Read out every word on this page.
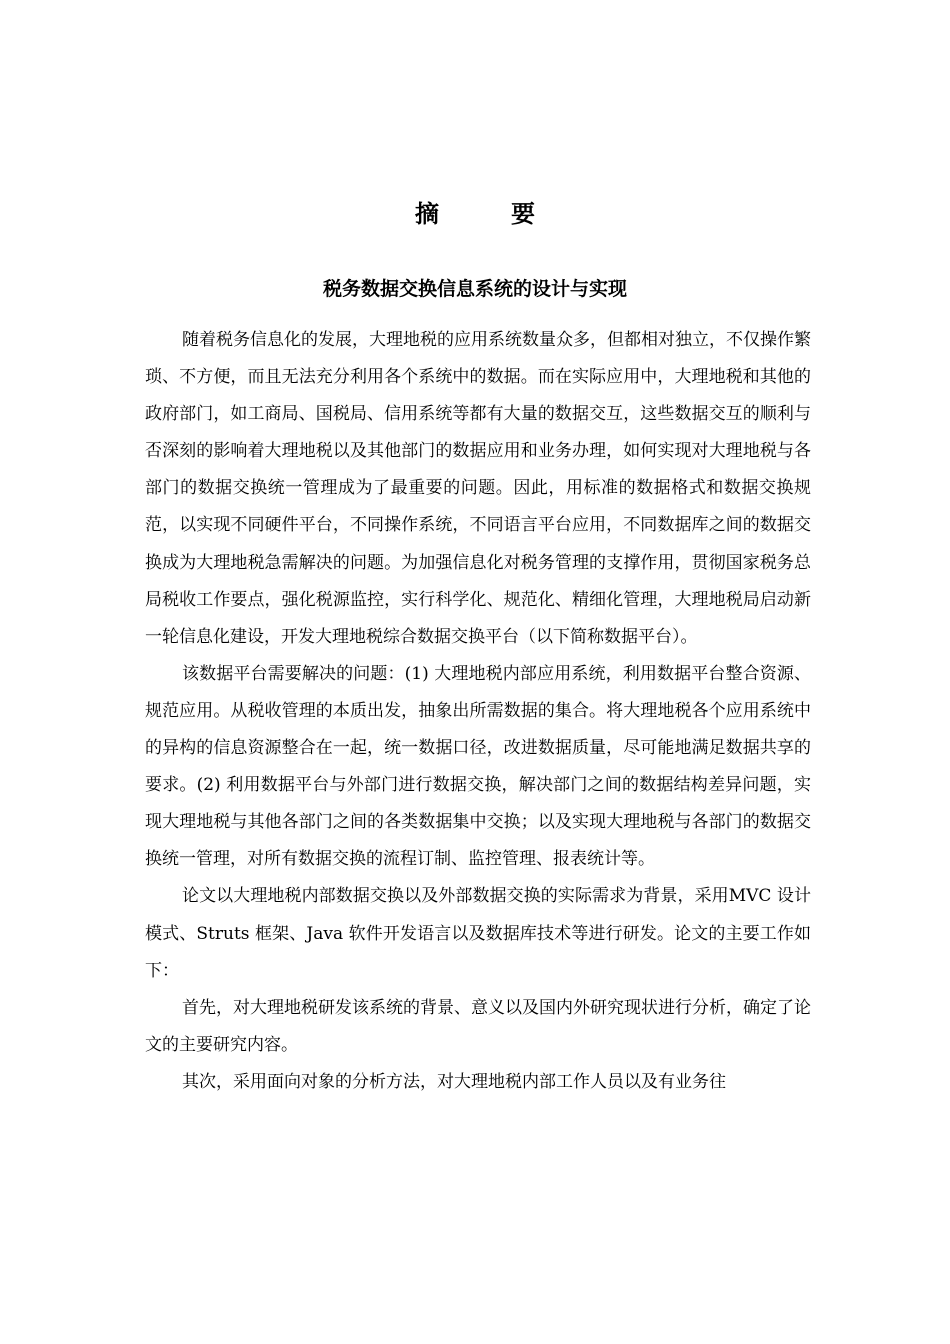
摘　要
税务数据交换信息系统的设计与实现

随着税务信息化的发展，大理地税的应用系统数量众多，但都相对独立，不仅操作繁琐、不方便，而且无法充分利用各个系统中的数据。而在实际应用中，大理地税和其他的政府部门，如工商局、国税局、信用系统等都有大量的数据交互，这些数据交互的顺利与否深刻的影响着大理地税以及其他部门的数据应用和业务办理，如何实现对大理地税与各部门的数据交换统一管理成为了最重要的问题。因此，用标准的数据格式和数据交换规范，以实现不同硬件平台，不同操作系统，不同语言平台应用，不同数据库之间的数据交换成为大理地税急需解决的问题。为加强信息化对税务管理的支撑作用，贯彻国家税务总局税收工作要点，强化税源监控，实行科学化、规范化、精细化管理，大理地税局启动新一轮信息化建设，开发大理地税综合数据交换平台（以下简称数据平台）。

该数据平台需要解决的问题：(1) 大理地税内部应用系统，利用数据平台整合资源、规范应用。从税收管理的本质出发，抽象出所需数据的集合。将大理地税各个应用系统中的异构的信息资源整合在一起，统一数据口径，改进数据质量，尽可能地满足数据共享的要求。(2) 利用数据平台与外部门进行数据交换，解决部门之间的数据结构差异问题，实现大理地税与其他各部门之间的各类数据集中交换；以及实现大理地税与各部门的数据交换统一管理，对所有数据交换的流程订制、监控管理、报表统计等。

论文以大理地税内部数据交换以及外部数据交换的实际需求为背景，采用MVC 设计模式、Struts 框架、Java 软件开发语言以及数据库技术等进行研发。论文的主要工作如下：

首先，对大理地税研发该系统的背景、意义以及国内外研究现状进行分析，确定了论文的主要研究内容。

其次，采用面向对象的分析方法，对大理地税内部工作人员以及有业务往
